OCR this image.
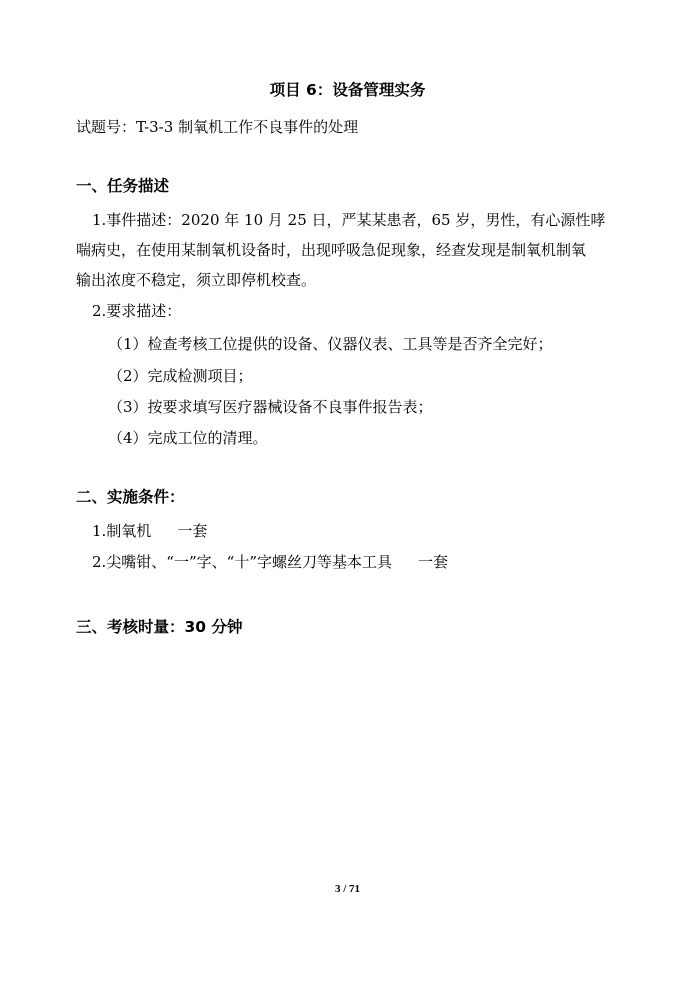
项目 6：设备管理实务
试题号：T-3-3 制氧机工作不良事件的处理
一、任务描述
1.事件描述：2020 年 10 月 25 日，严某某患者，65 岁，男性，有心源性哮
喘病史，在使用某制氧机设备时，出现呼吸急促现象，经查发现是制氧机制氧
输出浓度不稳定，须立即停机校查。
2.要求描述：
（1）检查考核工位提供的设备、仪器仪表、工具等是否齐全完好；
（2）完成检测项目；
（3）按要求填写医疗器械设备不良事件报告表；
（4）完成工位的清理。
二、实施条件：
1.制氧机 一套
2.尖嘴钳、“一”字、“十”字螺丝刀等基本工具 一套
三、考核时量：30 分钟
3 / 71
